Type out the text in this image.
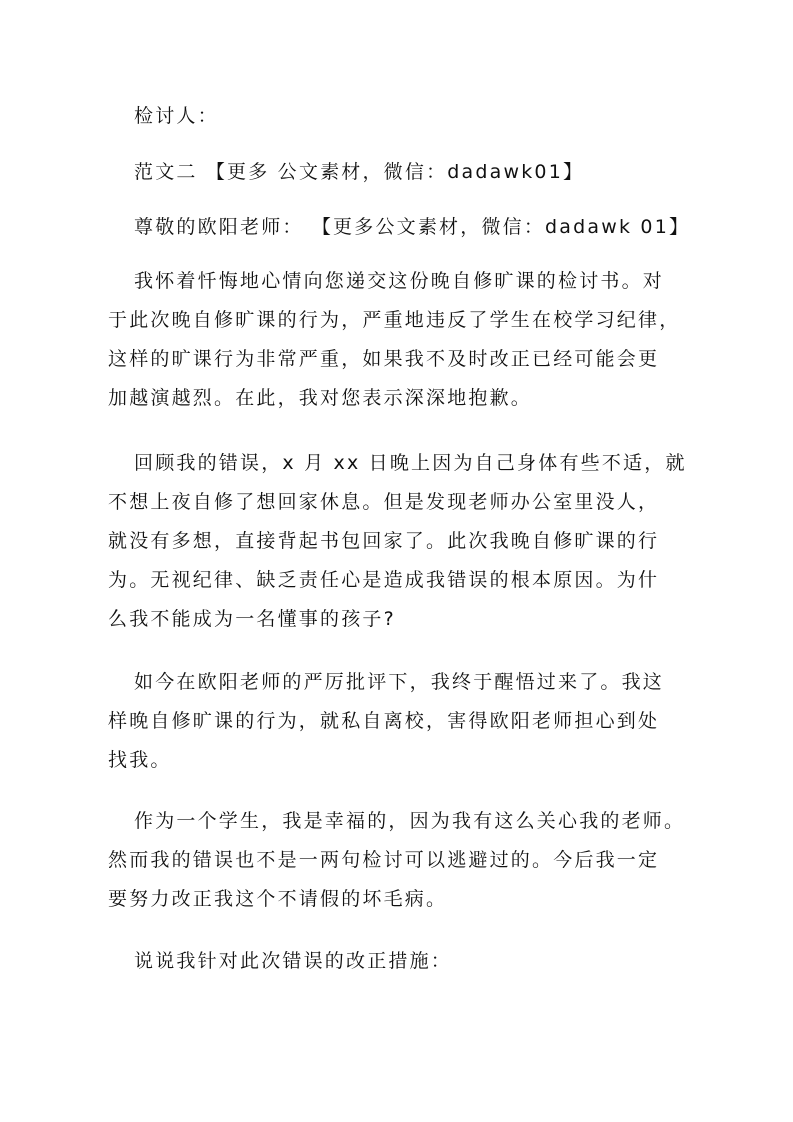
检讨人：
范文二 【更多 公文素材，微信：dadawk01】
尊敬的欧阳老师： 【更多公文素材，微信：dadawk 01】
我怀着忏悔地心情向您递交这份晚自修旷课的检讨书。对
于此次晚自修旷课的行为，严重地违反了学生在校学习纪律，
这样的旷课行为非常严重，如果我不及时改正已经可能会更
加越演越烈。在此，我对您表示深深地抱歉。
回顾我的错误，x 月 xx 日晚上因为自己身体有些不适，就
不想上夜自修了想回家休息。但是发现老师办公室里没人，
就没有多想，直接背起书包回家了。此次我晚自修旷课的行
为。无视纪律、缺乏责任心是造成我错误的根本原因。为什
么我不能成为一名懂事的孩子?
如今在欧阳老师的严厉批评下，我终于醒悟过来了。我这
样晚自修旷课的行为，就私自离校，害得欧阳老师担心到处
找我。
作为一个学生，我是幸福的，因为我有这么关心我的老师。
然而我的错误也不是一两句检讨可以逃避过的。今后我一定
要努力改正我这个不请假的坏毛病。
说说我针对此次错误的改正措施：
